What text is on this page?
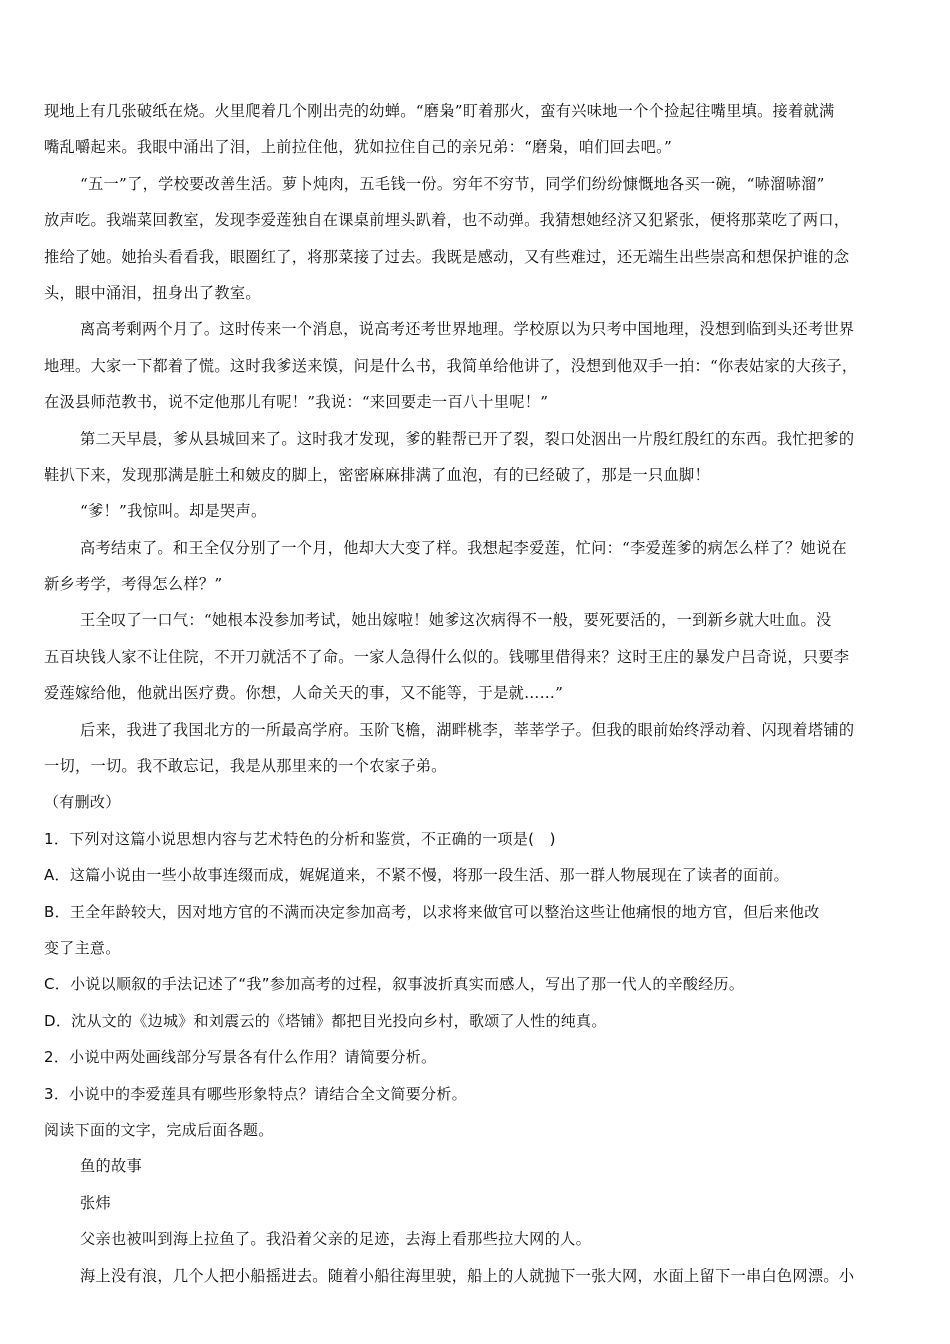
现地上有几张破纸在烧。火里爬着几个刚出壳的幼蝉。“磨枭”盯着那火，蛮有兴味地一个个捡起往嘴里填。接着就满
嘴乱嚼起来。我眼中涌出了泪，上前拉住他，犹如拉住自己的亲兄弟：“磨枭，咱们回去吧。”
“五一”了，学校要改善生活。萝卜炖肉，五毛钱一份。穷年不穷节，同学们纷纷慷慨地各买一碗，“哧溜哧溜”
放声吃。我端菜回教室，发现李爱莲独自在课桌前埋头趴着，也不动弹。我猜想她经济又犯紧张，便将那菜吃了两口，
推给了她。她抬头看看我，眼圈红了，将那菜接了过去。我既是感动，又有些难过，还无端生出些崇高和想保护谁的念
头，眼中涌泪，扭身出了教室。
离高考剩两个月了。这时传来一个消息，说高考还考世界地理。学校原以为只考中国地理，没想到临到头还考世界
地理。大家一下都着了慌。这时我爹送来馍，问是什么书，我简单给他讲了，没想到他双手一拍：“你表姑家的大孩子，
在汲县师范教书，说不定他那儿有呢！”我说：“来回要走一百八十里呢！”
第二天早晨，爹从县城回来了。这时我才发现，爹的鞋帮已开了裂，裂口处洇出一片殷红殷红的东西。我忙把爹的
鞋扒下来，发现那满是脏土和皴皮的脚上，密密麻麻排满了血泡，有的已经破了，那是一只血脚！
“爹！”我惊叫。却是哭声。
高考结束了。和王全仅分别了一个月，他却大大变了样。我想起李爱莲，忙问：“李爱莲爹的病怎么样了？她说在
新乡考学，考得怎么样？”
王全叹了一口气：“她根本没参加考试，她出嫁啦！她爹这次病得不一般，要死要活的，一到新乡就大吐血。没
五百块钱人家不让住院，不开刀就活不了命。一家人急得什么似的。钱哪里借得来？这时王庄的暴发户吕奇说，只要李
爱莲嫁给他，他就出医疗费。你想，人命关天的事，又不能等，于是就……”
后来，我进了我国北方的一所最高学府。玉阶飞檐，湖畔桃李，莘莘学子。但我的眼前始终浮动着、闪现着塔铺的
一切，一切。我不敢忘记，我是从那里来的一个农家子弟。
（有删改）
1．下列对这篇小说思想内容与艺术特色的分析和鉴赏，不正确的一项是(　)
A．这篇小说由一些小故事连缀而成，娓娓道来，不紧不慢，将那一段生活、那一群人物展现在了读者的面前。
B．王全年龄较大，因对地方官的不满而决定参加高考，以求将来做官可以整治这些让他痛恨的地方官，但后来他改
变了主意。
C．小说以顺叙的手法记述了“我”参加高考的过程，叙事波折真实而感人，写出了那一代人的辛酸经历。
D．沈从文的《边城》和刘震云的《塔铺》都把目光投向乡村，歌颂了人性的纯真。
2．小说中两处画线部分写景各有什么作用？请简要分析。
3．小说中的李爱莲具有哪些形象特点？请结合全文简要分析。
阅读下面的文字，完成后面各题。
鱼的故事
张炜
父亲也被叫到海上拉鱼了。我沿着父亲的足迹，去海上看那些拉大网的人。
海上没有浪，几个人把小船摇进去。随着小船往海里驶，船上的人就抛下一张大网，水面上留下一串白色网漂。小
